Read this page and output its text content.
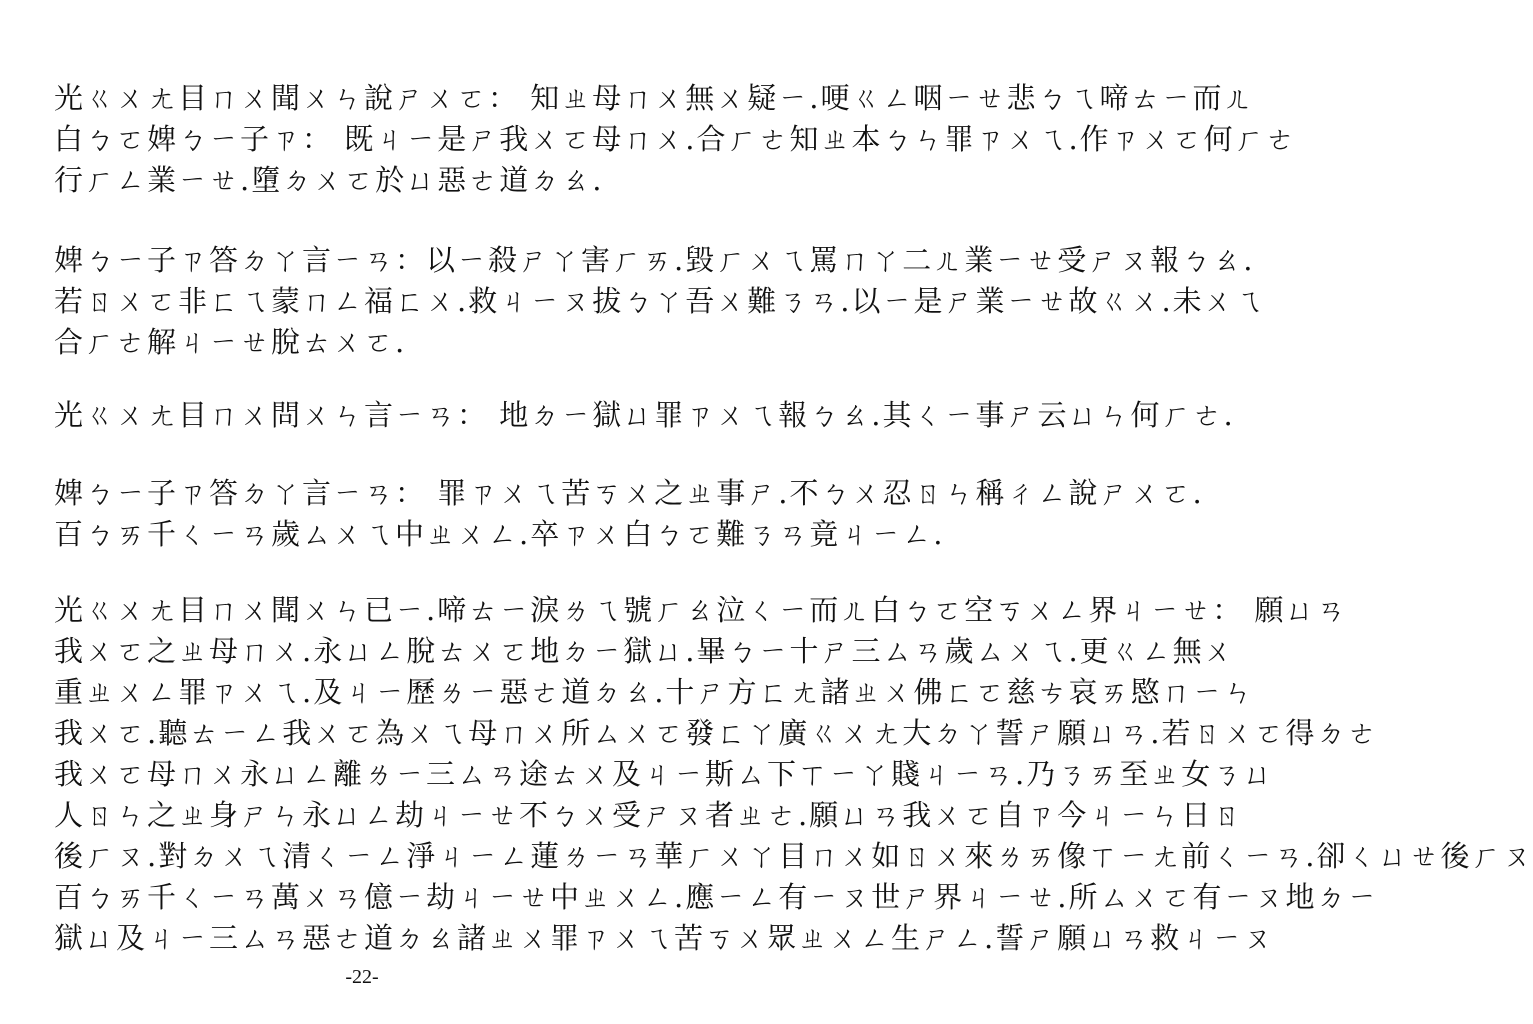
光ㄍㄨㄤ目ㄇㄨ聞ㄨㄣ說ㄕㄨㄛ： 知ㄓ母ㄇㄨ無ㄨ疑ㄧ.哽ㄍㄥ咽ㄧㄝ悲ㄅㄟ啼ㄊㄧ而ㄦ
白ㄅㄛ婢ㄅㄧ子ㄗ： 既ㄐㄧ是ㄕ我ㄨㄛ母ㄇㄨ.合ㄏㄜ知ㄓ本ㄅㄣ罪ㄗㄨㄟ.作ㄗㄨㄛ何ㄏㄜ
行ㄏㄥ業ㄧㄝ.墮ㄉㄨㄛ於ㄩ惡ㄜ道ㄉㄠ.
婢ㄅㄧ子ㄗ答ㄉㄚ言ㄧㄢ：以ㄧ殺ㄕㄚ害ㄏㄞ.毀ㄏㄨㄟ罵ㄇㄚ二ㄦ業ㄧㄝ受ㄕㄡ報ㄅㄠ.
若ㄖㄨㄛ非ㄈㄟ蒙ㄇㄥ福ㄈㄨ.救ㄐㄧㄡ拔ㄅㄚ吾ㄨ難ㄋㄢ.以ㄧ是ㄕ業ㄧㄝ故ㄍㄨ.未ㄨㄟ
合ㄏㄜ解ㄐㄧㄝ脫ㄊㄨㄛ.
光ㄍㄨㄤ目ㄇㄨ問ㄨㄣ言ㄧㄢ： 地ㄉㄧ獄ㄩ罪ㄗㄨㄟ報ㄅㄠ.其ㄑㄧ事ㄕ云ㄩㄣ何ㄏㄜ.
婢ㄅㄧ子ㄗ答ㄉㄚ言ㄧㄢ： 罪ㄗㄨㄟ苦ㄎㄨ之ㄓ事ㄕ.不ㄅㄨ忍ㄖㄣ稱ㄔㄥ說ㄕㄨㄛ.
百ㄅㄞ千ㄑㄧㄢ歲ㄙㄨㄟ中ㄓㄨㄥ.卒ㄗㄨ白ㄅㄛ難ㄋㄢ竟ㄐㄧㄥ.
光ㄍㄨㄤ目ㄇㄨ聞ㄨㄣ已ㄧ.啼ㄊㄧ淚ㄌㄟ號ㄏㄠ泣ㄑㄧ而ㄦ白ㄅㄛ空ㄎㄨㄥ界ㄐㄧㄝ： 願ㄩㄢ
我ㄨㄛ之ㄓ母ㄇㄨ.永ㄩㄥ脫ㄊㄨㄛ地ㄉㄧ獄ㄩ.畢ㄅㄧ十ㄕ三ㄙㄢ歲ㄙㄨㄟ.更ㄍㄥ無ㄨ
重ㄓㄨㄥ罪ㄗㄨㄟ.及ㄐㄧ歷ㄌㄧ惡ㄜ道ㄉㄠ.十ㄕ方ㄈㄤ諸ㄓㄨ佛ㄈㄛ慈ㄘ哀ㄞ愍ㄇㄧㄣ
我ㄨㄛ.聽ㄊㄧㄥ我ㄨㄛ為ㄨㄟ母ㄇㄨ所ㄙㄨㄛ發ㄈㄚ廣ㄍㄨㄤ大ㄉㄚ誓ㄕ願ㄩㄢ.若ㄖㄨㄛ得ㄉㄜ
我ㄨㄛ母ㄇㄨ永ㄩㄥ離ㄌㄧ三ㄙㄢ途ㄊㄨ及ㄐㄧ斯ㄙ下ㄒㄧㄚ賤ㄐㄧㄢ.乃ㄋㄞ至ㄓ女ㄋㄩ
人ㄖㄣ之ㄓ身ㄕㄣ永ㄩㄥ劫ㄐㄧㄝ不ㄅㄨ受ㄕㄡ者ㄓㄜ.願ㄩㄢ我ㄨㄛ自ㄗ今ㄐㄧㄣ日ㄖ
後ㄏㄡ.對ㄉㄨㄟ清ㄑㄧㄥ淨ㄐㄧㄥ蓮ㄌㄧㄢ華ㄏㄨㄚ目ㄇㄨ如ㄖㄨ來ㄌㄞ像ㄒㄧㄤ前ㄑㄧㄢ.卻ㄑㄩㄝ後ㄏㄡ
百ㄅㄞ千ㄑㄧㄢ萬ㄨㄢ億ㄧ劫ㄐㄧㄝ中ㄓㄨㄥ.應ㄧㄥ有ㄧㄡ世ㄕ界ㄐㄧㄝ.所ㄙㄨㄛ有ㄧㄡ地ㄉㄧ
獄ㄩ及ㄐㄧ三ㄙㄢ惡ㄜ道ㄉㄠ諸ㄓㄨ罪ㄗㄨㄟ苦ㄎㄨ眾ㄓㄨㄥ生ㄕㄥ.誓ㄕ願ㄩㄢ救ㄐㄧㄡ
-22-
